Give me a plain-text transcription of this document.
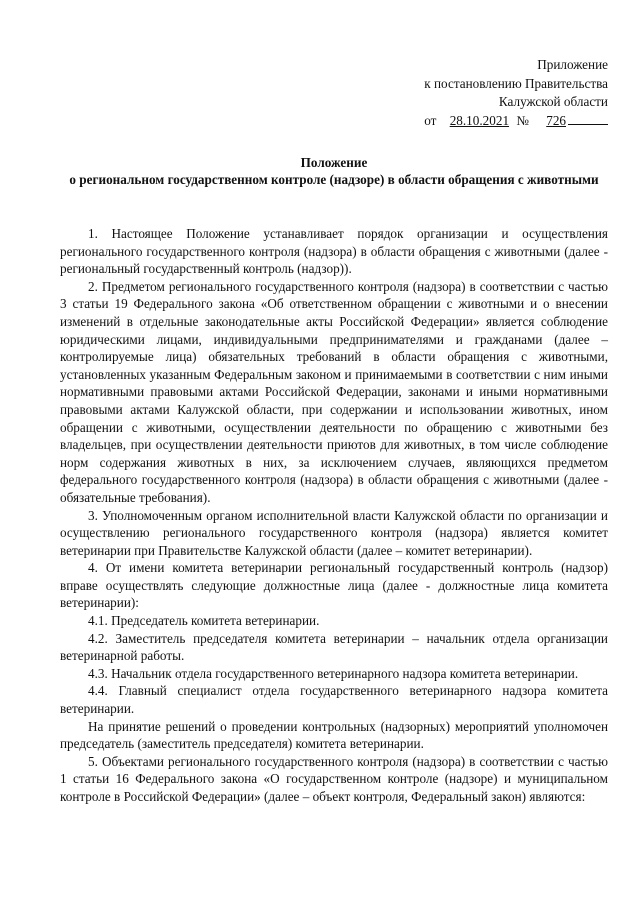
Приложение
к постановлению Правительства
Калужской области
от 28.10.2021 № 726
Положение
о региональном государственном контроле (надзоре) в области обращения с животными

1. Настоящее Положение устанавливает порядок организации и осуществления регионального государственного контроля (надзора) в области обращения с животными (далее - региональный государственный контроль (надзор)).

2. Предметом регионального государственного контроля (надзора) в соответствии с частью 3 статьи 19 Федерального закона «Об ответственном обращении с животными и о внесении изменений в отдельные законодательные акты Российской Федерации» является соблюдение юридическими лицами, индивидуальными предпринимателями и гражданами (далее – контролируемые лица) обязательных требований в области обращения с животными, установленных указанным Федеральным законом и принимаемыми в соответствии с ним иными нормативными правовыми актами Российской Федерации, законами и иными нормативными правовыми актами Калужской области, при содержании и использовании животных, ином обращении с животными, осуществлении деятельности по обращению с животными без владельцев, при осуществлении деятельности приютов для животных, в том числе соблюдение норм содержания животных в них, за исключением случаев, являющихся предметом федерального государственного контроля (надзора) в области обращения с животными (далее - обязательные требования).

3. Уполномоченным органом исполнительной власти Калужской области по организации и осуществлению регионального государственного контроля (надзора) является комитет ветеринарии при Правительстве Калужской области (далее – комитет ветеринарии).

4. От имени комитета ветеринарии региональный государственный контроль (надзор) вправе осуществлять следующие должностные лица (далее - должностные лица комитета ветеринарии):

4.1. Председатель комитета ветеринарии.

4.2. Заместитель председателя комитета ветеринарии – начальник отдела организации ветеринарной работы.

4.3. Начальник отдела государственного ветеринарного надзора комитета ветеринарии.

4.4. Главный специалист отдела государственного ветеринарного надзора комитета ветеринарии.

На принятие решений о проведении контрольных (надзорных) мероприятий уполномочен председатель (заместитель председателя) комитета ветеринарии.

5. Объектами регионального государственного контроля (надзора) в соответствии с частью 1 статьи 16 Федерального закона «О государственном контроле (надзоре) и муниципальном контроле в Российской Федерации» (далее – объект контроля, Федеральный закон) являются:
